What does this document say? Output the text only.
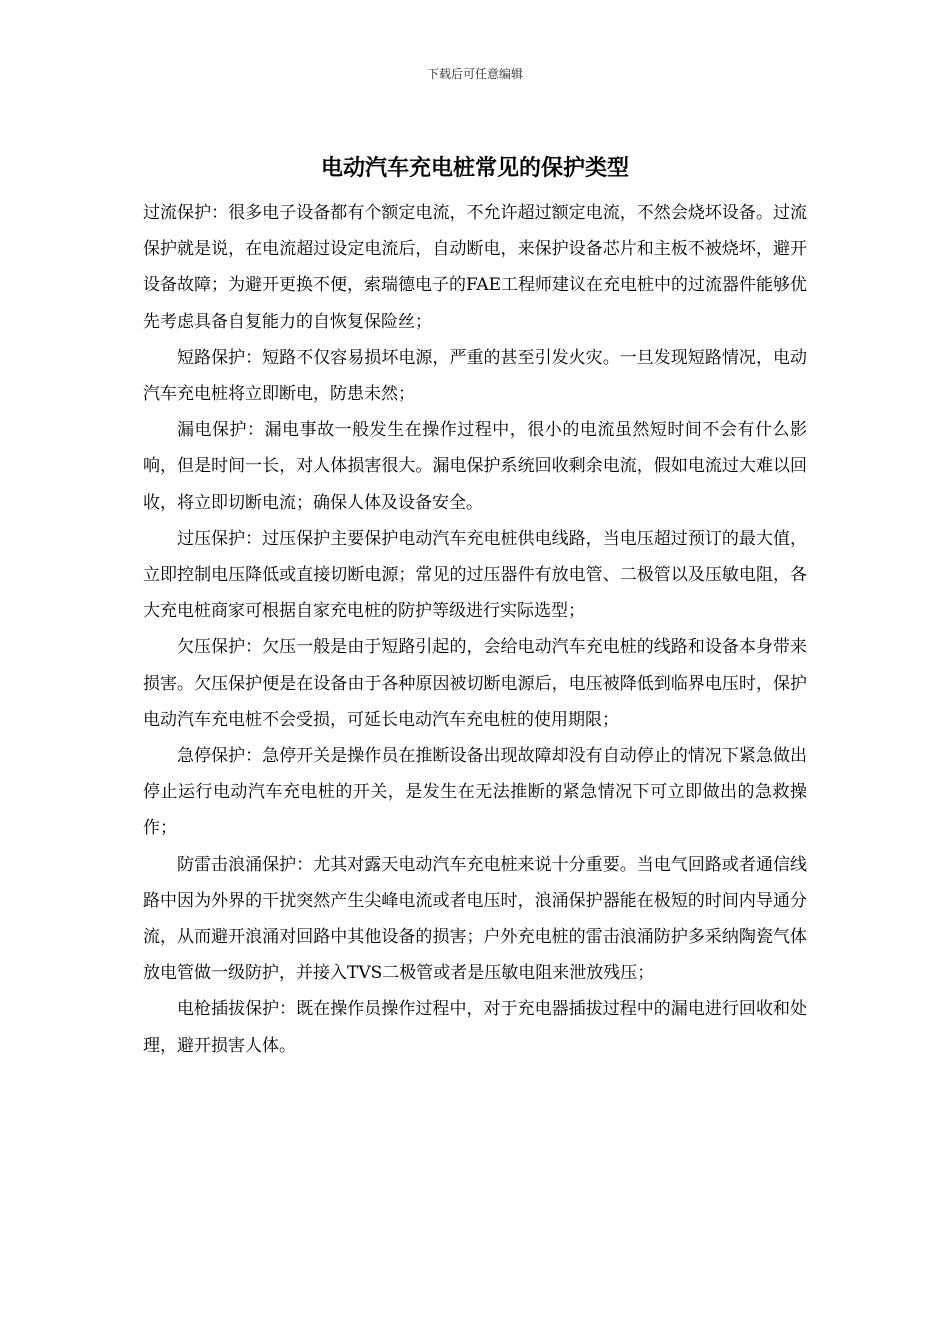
下载后可任意编辑
电动汽车充电桩常见的保护类型

过流保护：很多电子设备都有个额定电流，不允许超过额定电流，不然会烧坏设备。过流保护就是说，在电流超过设定电流后，自动断电，来保护设备芯片和主板不被烧坏，避开设备故障；为避开更换不便，索瑞德电子的FAE工程师建议在充电桩中的过流器件能够优先考虑具备自复能力的自恢复保险丝；

短路保护：短路不仅容易损坏电源，严重的甚至引发火灾。一旦发现短路情况，电动汽车充电桩将立即断电，防患未然；

漏电保护：漏电事故一般发生在操作过程中，很小的电流虽然短时间不会有什么影响，但是时间一长，对人体损害很大。漏电保护系统回收剩余电流，假如电流过大难以回收，将立即切断电流；确保人体及设备安全。

过压保护：过压保护主要保护电动汽车充电桩供电线路，当电压超过预订的最大值，立即控制电压降低或直接切断电源；常见的过压器件有放电管、二极管以及压敏电阻，各大充电桩商家可根据自家充电桩的防护等级进行实际选型；

欠压保护：欠压一般是由于短路引起的，会给电动汽车充电桩的线路和设备本身带来损害。欠压保护便是在设备由于各种原因被切断电源后，电压被降低到临界电压时，保护电动汽车充电桩不会受损，可延长电动汽车充电桩的使用期限；

急停保护：急停开关是操作员在推断设备出现故障却没有自动停止的情况下紧急做出停止运行电动汽车充电桩的开关，是发生在无法推断的紧急情况下可立即做出的急救操作；

防雷击浪涌保护：尤其对露天电动汽车充电桩来说十分重要。当电气回路或者通信线路中因为外界的干扰突然产生尖峰电流或者电压时，浪涌保护器能在极短的时间内导通分流，从而避开浪涌对回路中其他设备的损害；户外充电桩的雷击浪涌防护多采纳陶瓷气体放电管做一级防护，并接入TVS二极管或者是压敏电阻来泄放残压；

电枪插拔保护：既在操作员操作过程中，对于充电器插拔过程中的漏电进行回收和处理，避开损害人体。
